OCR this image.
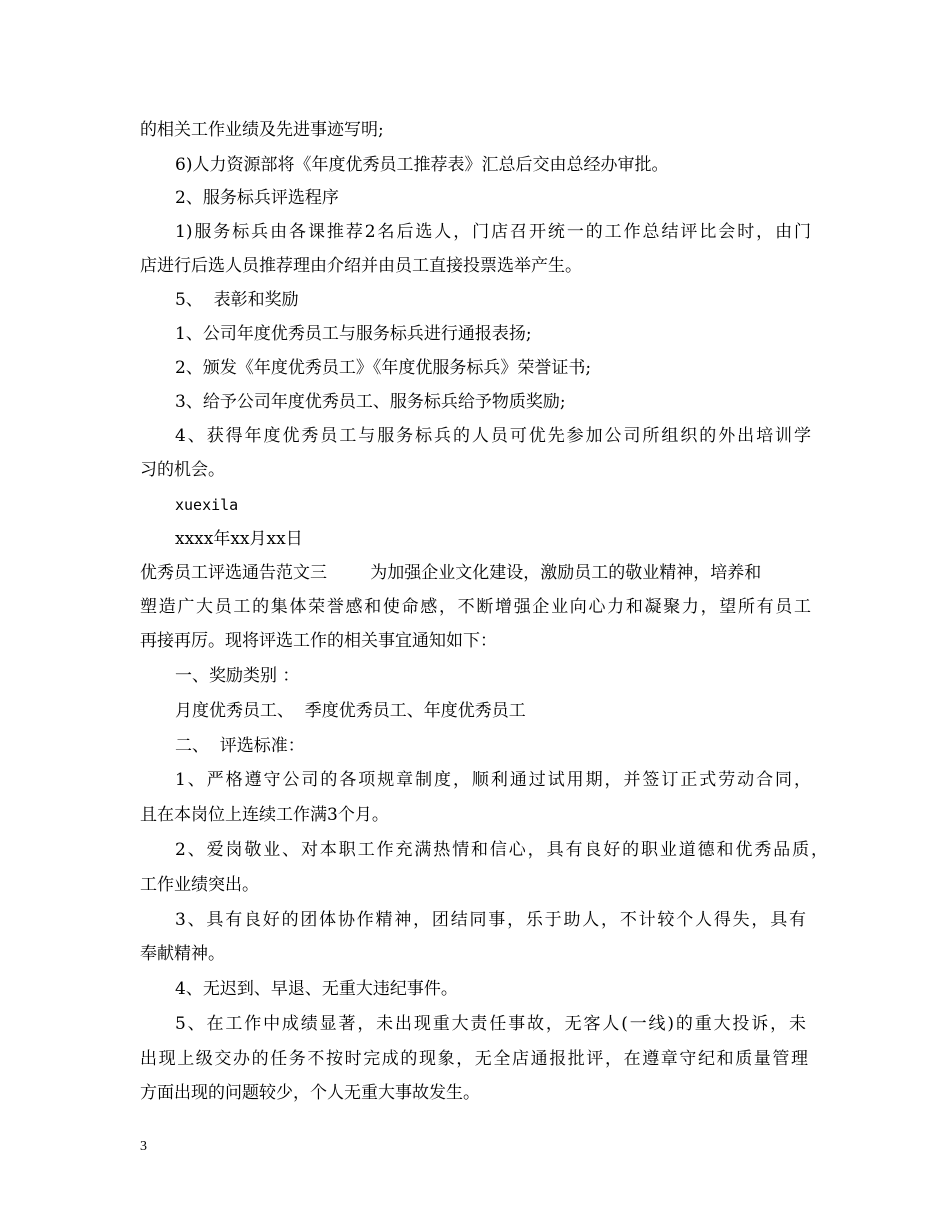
的相关工作业绩及先进事迹写明;

6)人力资源部将《年度优秀员工推荐表》汇总后交由总经办审批。

2、服务标兵评选程序

1)服务标兵由各课推荐2名后选人，门店召开统一的工作总结评比会时，由门

店进行后选人员推荐理由介绍并由员工直接投票选举产生。

5、  表彰和奖励

1、公司年度优秀员工与服务标兵进行通报表扬;

2、颁发《年度优秀员工》《年度优服务标兵》荣誉证书;

3、给予公司年度优秀员工、服务标兵给予物质奖励;

4、获得年度优秀员工与服务标兵的人员可优先参加公司所组织的外出培训学

习的机会。

xuexila

xxxx年xx月xx日

优秀员工评选通告范文三        为加强企业文化建设，激励员工的敬业精神，培养和

塑造广大员工的集体荣誉感和使命感，不断增强企业向心力和凝聚力，望所有员工

再接再厉。现将评选工作的相关事宜通知如下：

一、奖励类别 ：

月度优秀员工、  季度优秀员工、年度优秀员工

二、  评选标准：

1、严格遵守公司的各项规章制度，顺利通过试用期，并签订正式劳动合同，

且在本岗位上连续工作满3个月。

2、爱岗敬业、对本职工作充满热情和信心，具有良好的职业道德和优秀品质，

工作业绩突出。

3、具有良好的团体协作精神，团结同事，乐于助人，不计较个人得失，具有

奉献精神。

4、无迟到、早退、无重大违纪事件。

5、在工作中成绩显著，未出现重大责任事故，无客人(一线)的重大投诉，未

出现上级交办的任务不按时完成的现象，无全店通报批评，在遵章守纪和质量管理

方面出现的问题较少，个人无重大事故发生。

3
